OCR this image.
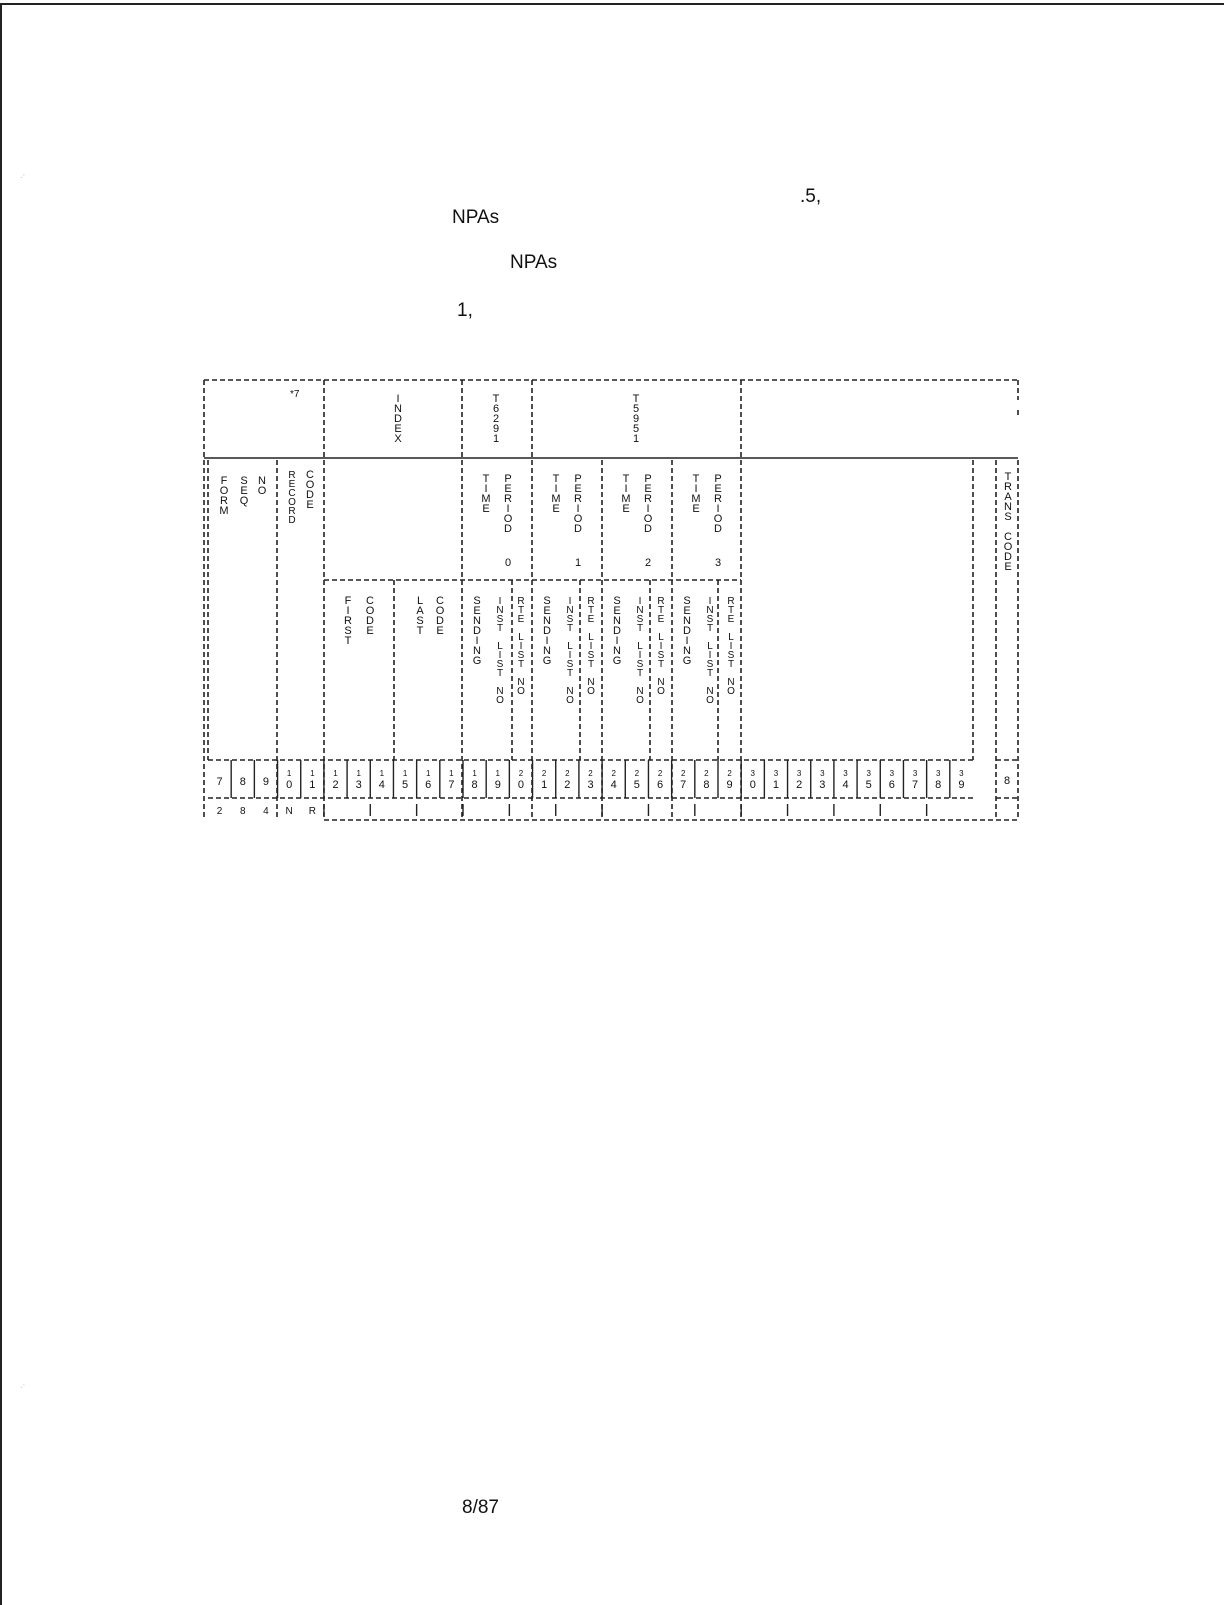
.⋅
.⋅
.5,
NPAs
NPAs
1,
*7	I
N
D
E
X
T
6
2
9
1
T
5
9
5
1
F
O
R
M
S
E
Q
N
O
R
E
C
O
R
D
C
O
D
E
T
R
A
N
S
C
O
D
E
F
I
R
S
T
C
O
D
E
L
A
S
T
C
O
D
E
T
I
M
E
P
E
R
I
O
D
0
S
E
N
D
I
N
G
I
N
S
T
L
I
S
T
N
O
R
T
E
L
I
S
T
N
O
T
I
M
E
P
E
R
I
O
D
1
S
E
N
D
I
N
G
I
N
S
T
L
I
S
T
N
O
R
T
E
L
I
S
T
N
O
T
I
M
E
P
E
R
I
O
D
2
S
E
N
D
I
N
G
I
N
S
T
L
I
S
T
N
O
R
T
E
L
I
S
T
N
O
T
I
M
E
P
E
R
I
O
D
3
S
E
N
D
I
N
G
I
N
S
T
L
I
S
T
N
O
R
T
E
L
I
S
T
N
O
7 8 9
1
0
1
1
1
2
1
3
1
4
1
5
1
6
1
7
1
8
1
9
2
0
2
1
2
2
2
3
2
4
2
5
2
6
2
7
2
8
2
9
3
0
3
1
3
2
3
3
3
4
3
5
3
6
3
7
3
8
3
9	8
2 8 4 N R
8/87
